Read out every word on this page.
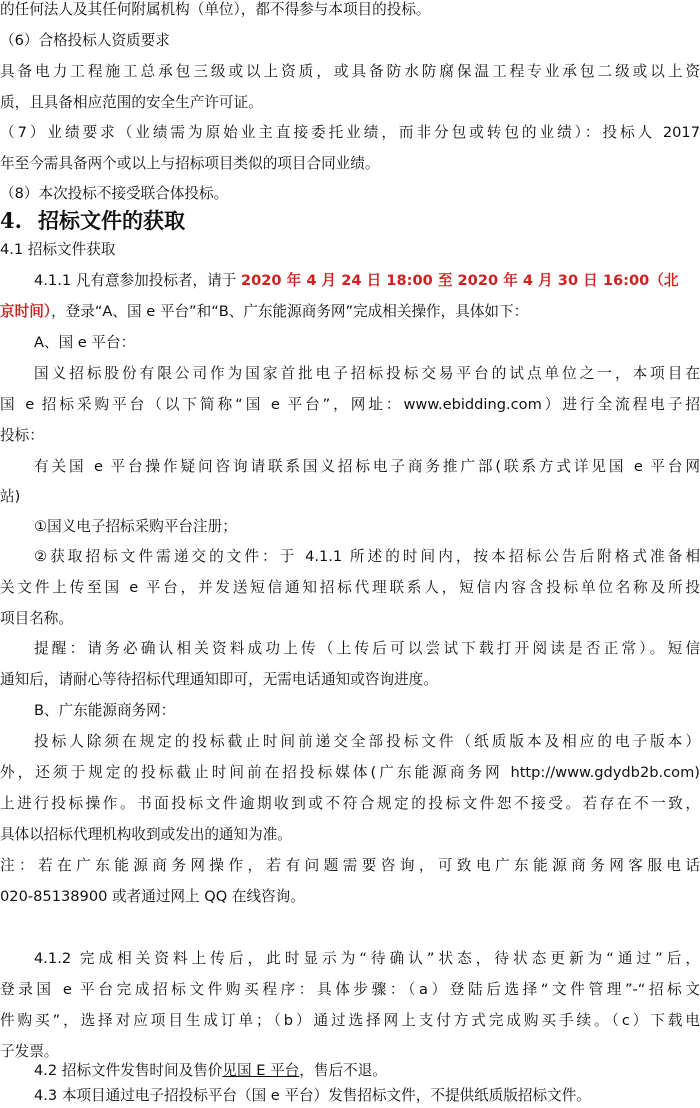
的任何法人及其任何附属机构（单位），都不得参与本项目的投标。
（6）合格投标人资质要求
具备电力工程施工总承包三级或以上资质，或具备防水防腐保温工程专业承包二级或以上资
质，且具备相应范围的安全生产许可证。
（7）业绩要求（业绩需为原始业主直接委托业绩，而非分包或转包的业绩）：投标人 2017
年至今需具备两个或以上与招标项目类似的项目合同业绩。
（8）本次投标不接受联合体投标。
4. 招标文件的获取
4.1 招标文件获取
4.1.1 凡有意参加投标者，请于 2020 年 4 月 24 日 18:00 至 2020 年 4 月 30 日 16:00（北
京时间），登录“A、国 e 平台”和“B、广东能源商务网”完成相关操作，具体如下：
A、国 e 平台：
国义招标股份有限公司作为国家首批电子招标投标交易平台的试点单位之一，本项目在
国 e 招标采购平台（以下简称“国 e 平台”，网址：www.ebidding.com）进行全流程电子招
投标：
有关国 e 平台操作疑问咨询请联系国义招标电子商务推广部(联系方式详见国 e 平台网
站)
①国义电子招标采购平台注册；
②获取招标文件需递交的文件：于 4.1.1 所述的时间内，按本招标公告后附格式准备相
关文件上传至国 e 平台，并发送短信通知招标代理联系人，短信内容含投标单位名称及所投
项目名称。
提醒：请务必确认相关资料成功上传（上传后可以尝试下载打开阅读是否正常）。短信
通知后，请耐心等待招标代理通知即可，无需电话通知或咨询进度。
B、广东能源商务网：
投标人除须在规定的投标截止时间前递交全部投标文件（纸质版本及相应的电子版本）
外，还须于规定的投标截止时间前在招投标媒体(广东能源商务网 http://www.gdydb2b.com)
上进行投标操作。书面投标文件逾期收到或不符合规定的投标文件恕不接受。若存在不一致，
具体以招标代理机构收到或发出的通知为准。
注：若在广东能源商务网操作，若有问题需要咨询，可致电广东能源商务网客服电话
020-85138900 或者通过网上 QQ 在线咨询。
4.1.2 完成相关资料上传后，此时显示为“待确认”状态，待状态更新为“通过”后，
登录国 e 平台完成招标文件购买程序：具体步骤：（a）登陆后选择“文件管理”-“招标文
件购买”，选择对应项目生成订单；（b）通过选择网上支付方式完成购买手续。（c）下载电
子发票。
4.2 招标文件发售时间及售价见国 E 平台，售后不退。
4.3 本项目通过电子招投标平台（国 e 平台）发售招标文件，不提供纸质版招标文件。
